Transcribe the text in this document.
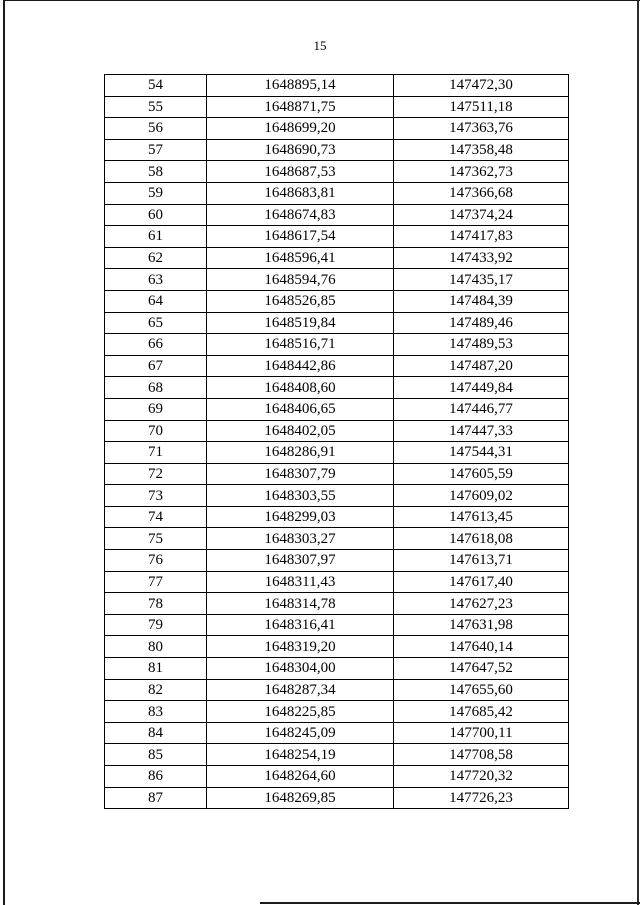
15
54	1648895,14	147472,30
55	1648871,75	147511,18
56	1648699,20	147363,76
57	1648690,73	147358,48
58	1648687,53	147362,73
59	1648683,81	147366,68
60	1648674,83	147374,24
61	1648617,54	147417,83
62	1648596,41	147433,92
63	1648594,76	147435,17
64	1648526,85	147484,39
65	1648519,84	147489,46
66	1648516,71	147489,53
67	1648442,86	147487,20
68	1648408,60	147449,84
69	1648406,65	147446,77
70	1648402,05	147447,33
71	1648286,91	147544,31
72	1648307,79	147605,59
73	1648303,55	147609,02
74	1648299,03	147613,45
75	1648303,27	147618,08
76	1648307,97	147613,71
77	1648311,43	147617,40
78	1648314,78	147627,23
79	1648316,41	147631,98
80	1648319,20	147640,14
81	1648304,00	147647,52
82	1648287,34	147655,60
83	1648225,85	147685,42
84	1648245,09	147700,11
85	1648254,19	147708,58
86	1648264,60	147720,32
87	1648269,85	147726,23
